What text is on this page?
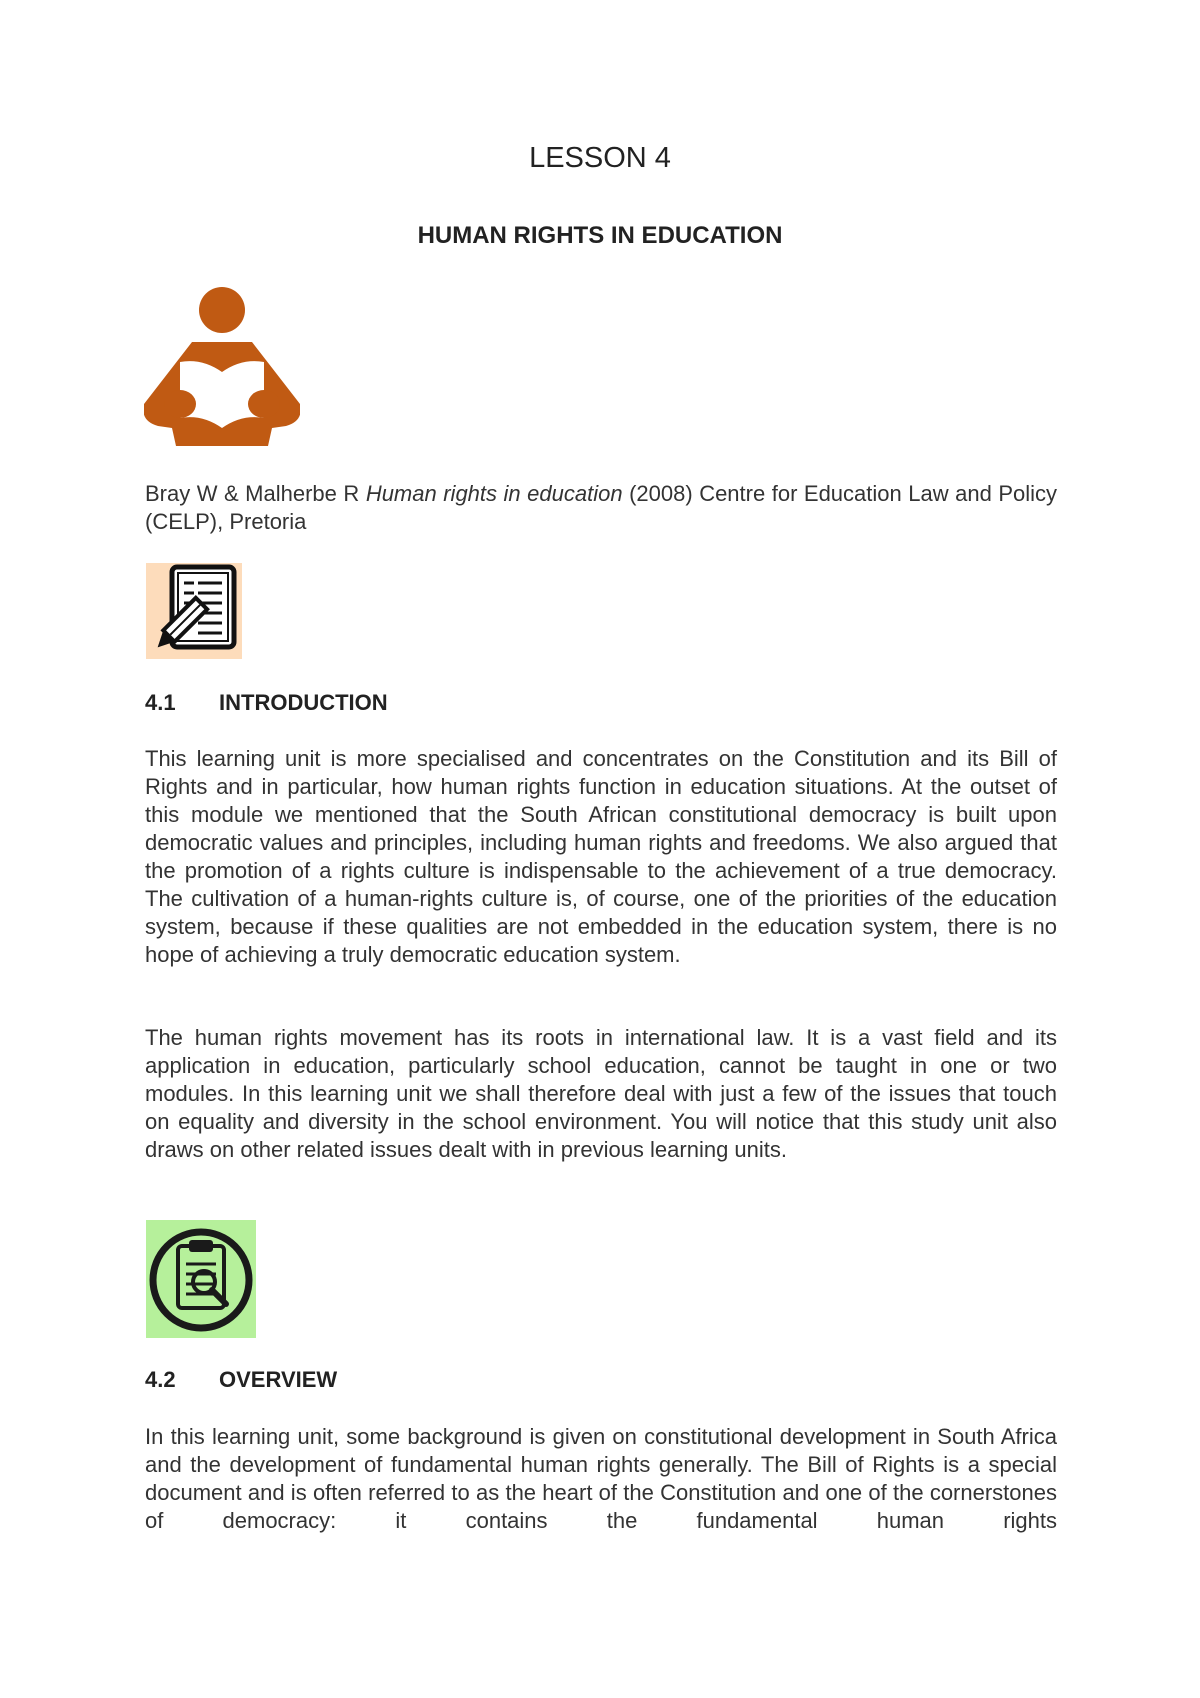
LESSON 4
HUMAN RIGHTS IN EDUCATION
Bray W & Malherbe R Human rights in education (2008) Centre for Education Law and Policy (CELP), Pretoria
4.1 INTRODUCTION

This learning unit is more specialised and concentrates on the Constitution and its Bill of Rights and in particular, how human rights function in education situations. At the outset of this module we mentioned that the South African constitutional democracy is built upon democratic values and principles, including human rights and freedoms. We also argued that the promotion of a rights culture is indispensable to the achievement of a true democracy. The cultivation of a human-rights culture is, of course, one of the priorities of the education system, because if these qualities are not embedded in the education system, there is no hope of achieving a truly democratic education system.

The human rights movement has its roots in international law. It is a vast field and its application in education, particularly school education, cannot be taught in one or two modules. In this learning unit we shall therefore deal with just a few of the issues that touch on equality and diversity in the school environment. You will notice that this study unit also draws on other related issues dealt with in previous learning units.

4.2 OVERVIEW

In this learning unit, some background is given on constitutional development in South Africa and the development of fundamental human rights generally. The Bill of Rights is a special document and is often referred to as the heart of the Constitution and one of the cornerstones of democracy: it contains the fundamental human rights
